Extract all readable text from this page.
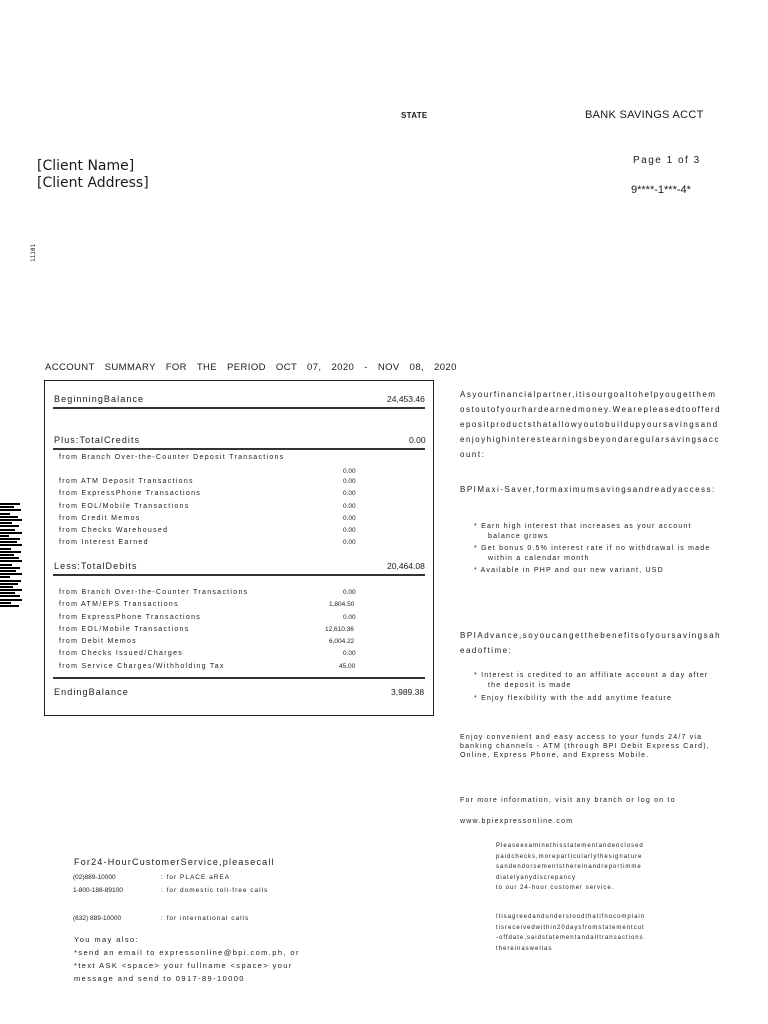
STATE	BANK SAVINGS ACCT
Page 1 of 3
9****-1***-4*
[Client Name]
[Client Address]
11101
ACCOUNT SUMMARY FOR THE PERIOD OCT 07, 2020 - NOV 08, 2020
BeginningBalance	24,453.46
Plus:TotalCredits	0.00
from Branch Over-the-Counter Deposit Transactions
0.00
from ATM Deposit Transactions	0.00
from ExpressPhone Transactions	0.00
from EOL/Mobile Transactions	0.00
from Credit Memos	0.00
from Checks Warehoused	0.00
from Interest Earned	0.00
Less:TotalDebits	20,464.08
from Branch Over-the-Counter Transactions	0.00
from ATM/EPS Transactions	1,804.50
from ExpressPhone Transactions	0.00
from EOL/Mobile Transactions	12,610.36
from Debit Memos	6,004.22
from Checks Issued/Charges	0.00
from Service Charges/Withholding Tax	45.00
EndingBalance	3,989.38
Asyourfinancialpartner,itisourgoaltohelpyougetthemostoutofyourhardearnedmoney.Wearepleasedtoofferdepositproductsthatallowyoutobuildupyoursavingsandenjoyhighinterestearningsbeyondaregularsavingsaccount:
BPIMaxi-Saver,formaximumsavingsandreadyaccess:

* Earn high interest that increases as your account

balance grows

* Get bonus 0.5% interest rate if no withdrawal is made

within a calendar month

* Available in PHP and our new variant, USD

BPIAdvance,soyoucangetthebenefitsofyoursavingsaheadoftime:

* Interest is credited to an affiliate account a day after

the deposit is made

* Enjoy flexibility with the add anytime feature

Enjoy convenient and easy access to your funds 24/7 via banking channels - ATM (through BPI Debit Express Card), Online, Express Phone, and Express Mobile.
For more information, visit any branch or log on to
www.bpiexpressonline.com
Pleaseexaminethisstatementandenclosedpaidchecks,moreparticularlythesignaturesandendorsementsthereinandreportimmediatelyanydiscrepancy
to our 24-hour customer service.
Itisagreedandunderstoodthatifnocomplaintisreceivedwithin20daysfromstatementcut-offdate,saidstatementandalltransactionsthereinaswellas
For24-HourCustomerService,pleasecall
(02)889-10000	: for PLACE aREA
1-800-188-89100	: for domestic toll-free calls
(632) 889-10000	: for international calls
You may also:
*send an email to expressonline@bpi.com.ph, or
*text ASK <space> your fullname <space> your
message and send to 0917-89-10000
